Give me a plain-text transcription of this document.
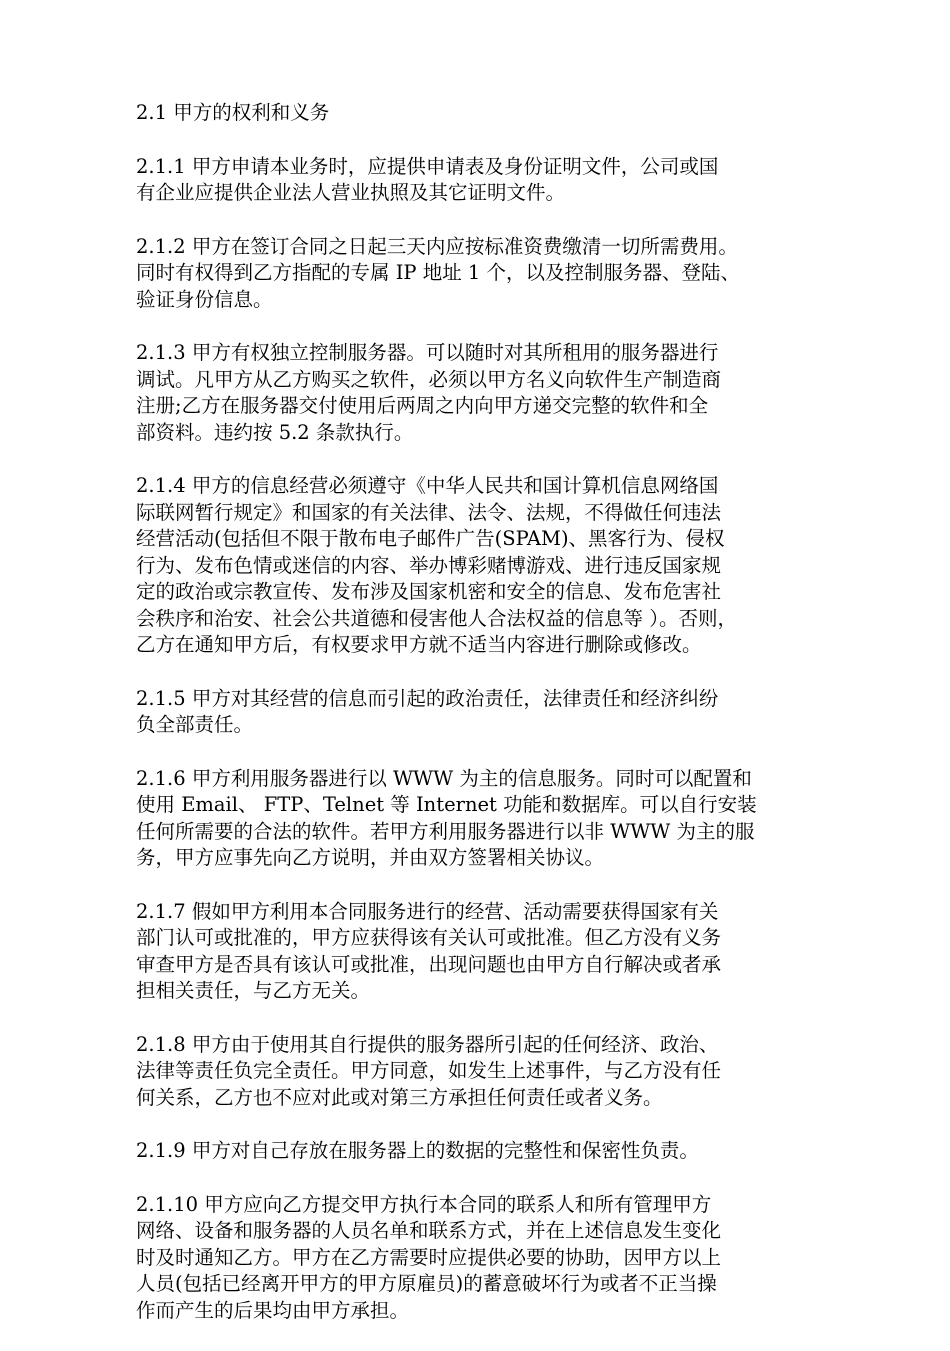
2.1 甲方的权利和义务
2.1.1 甲方申请本业务时，应提供申请表及身份证明文件，公司或国
有企业应提供企业法人营业执照及其它证明文件。
2.1.2 甲方在签订合同之日起三天内应按标准资费缴清一切所需费用。
同时有权得到乙方指配的专属 IP 地址 1 个，以及控制服务器、登陆、
验证身份信息。
2.1.3 甲方有权独立控制服务器。可以随时对其所租用的服务器进行
调试。凡甲方从乙方购买之软件，必须以甲方名义向软件生产制造商
注册;乙方在服务器交付使用后两周之内向甲方递交完整的软件和全
部资料。违约按 5.2 条款执行。
2.1.4 甲方的信息经营必须遵守《中华人民共和国计算机信息网络国
际联网暂行规定》和国家的有关法律、法令、法规，不得做任何违法
经营活动(包括但不限于散布电子邮件广告(SPAM)、黑客行为、侵权
行为、发布色情或迷信的内容、举办博彩赌博游戏、进行违反国家规
定的政治或宗教宣传、发布涉及国家机密和安全的信息、发布危害社
会秩序和治安、社会公共道德和侵害他人合法权益的信息等 ）。否则，
乙方在通知甲方后，有权要求甲方就不适当内容进行删除或修改。
2.1.5 甲方对其经营的信息而引起的政治责任，法律责任和经济纠纷
负全部责任。
2.1.6 甲方利用服务器进行以 WWW 为主的信息服务。同时可以配置和
使用 Email、 FTP、Telnet 等 Internet 功能和数据库。可以自行安装
任何所需要的合法的软件。若甲方利用服务器进行以非 WWW 为主的服
务，甲方应事先向乙方说明，并由双方签署相关协议。
2.1.7 假如甲方利用本合同服务进行的经营、活动需要获得国家有关
部门认可或批准的，甲方应获得该有关认可或批准。但乙方没有义务
审查甲方是否具有该认可或批准，出现问题也由甲方自行解决或者承
担相关责任，与乙方无关。
2.1.8 甲方由于使用其自行提供的服务器所引起的任何经济、政治、
法律等责任负完全责任。甲方同意，如发生上述事件，与乙方没有任
何关系，乙方也不应对此或对第三方承担任何责任或者义务。
2.1.9 甲方对自己存放在服务器上的数据的完整性和保密性负责。
2.1.10 甲方应向乙方提交甲方执行本合同的联系人和所有管理甲方
网络、设备和服务器的人员名单和联系方式，并在上述信息发生变化
时及时通知乙方。甲方在乙方需要时应提供必要的协助，因甲方以上
人员(包括已经离开甲方的甲方原雇员)的蓄意破坏行为或者不正当操
作而产生的后果均由甲方承担。
